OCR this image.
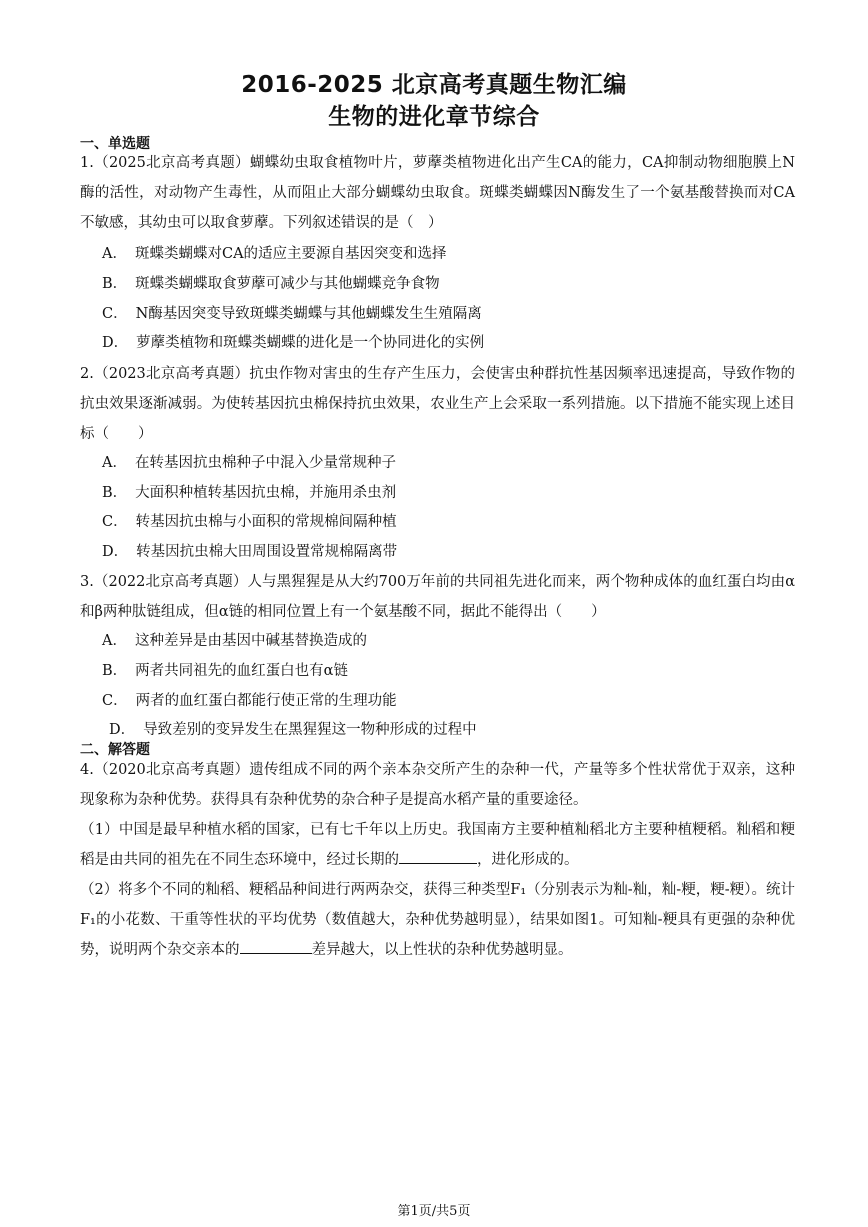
2016-2025 北京高考真题生物汇编
生物的进化章节综合
一、单选题
1.（2025北京高考真题）蝴蝶幼虫取食植物叶片，萝藦类植物进化出产生CA的能力，CA抑制动物细胞膜上N酶的活性，对动物产生毒性，从而阻止大部分蝴蝶幼虫取食。斑蝶类蝴蝶因N酶发生了一个氨基酸替换而对CA不敏感，其幼虫可以取食萝藦。下列叙述错误的是（　）
A． 斑蝶类蝴蝶对CA的适应主要源自基因突变和选择
B． 斑蝶类蝴蝶取食萝藦可减少与其他蝴蝶竞争食物
C． N酶基因突变导致斑蝶类蝴蝶与其他蝴蝶发生生殖隔离
D． 萝藦类植物和斑蝶类蝴蝶的进化是一个协同进化的实例
2.（2023北京高考真题）抗虫作物对害虫的生存产生压力，会使害虫种群抗性基因频率迅速提高，导致作物的抗虫效果逐渐减弱。为使转基因抗虫棉保持抗虫效果，农业生产上会采取一系列措施。以下措施不能实现上述目标（　　）
A． 在转基因抗虫棉种子中混入少量常规种子
B． 大面积种植转基因抗虫棉，并施用杀虫剂
C． 转基因抗虫棉与小面积的常规棉间隔种植
D． 转基因抗虫棉大田周围设置常规棉隔离带
3.（2022北京高考真题）人与黑猩猩是从大约700万年前的共同祖先进化而来，两个物种成体的血红蛋白均由α和β两种肽链组成，但α链的相同位置上有一个氨基酸不同，据此不能得出（　　）
A． 这种差异是由基因中碱基替换造成的
B． 两者共同祖先的血红蛋白也有α链
C． 两者的血红蛋白都能行使正常的生理功能
D． 导致差别的变异发生在黑猩猩这一物种形成的过程中
二、解答题
4.（2020北京高考真题）遗传组成不同的两个亲本杂交所产生的杂种一代，产量等多个性状常优于双亲，这种现象称为杂种优势。获得具有杂种优势的杂合种子是提高水稻产量的重要途径。
（1）中国是最早种植水稻的国家，已有七千年以上历史。我国南方主要种植籼稻北方主要种植粳稻。籼稻和粳稻是由共同的祖先在不同生态环境中，经过长期的	，进化形成的。
（2）将多个不同的籼稻、粳稻品种间进行两两杂交，获得三种类型F₁（分别表示为籼-籼，籼-粳，粳-粳）。统计F₁的小花数、干重等性状的平均优势（数值越大，杂种优势越明显），结果如图1。可知籼-粳具有更强的杂种优势，说明两个杂交亲本的	差异越大，以上性状的杂种优势越明显。
第1页/共5页
